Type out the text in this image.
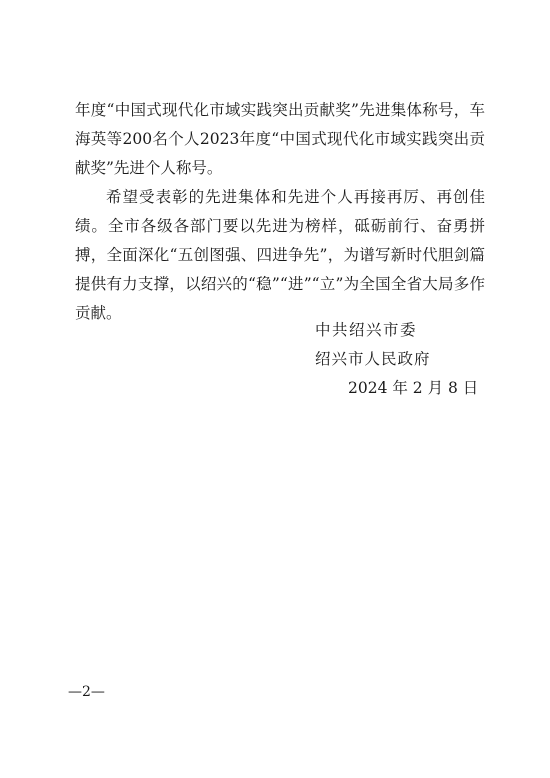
年度“中国式现代化市域实践突出贡献奖”先进集体称号，车海英等200名个人2023年度“中国式现代化市域实践突出贡献奖”先进个人称号。

希望受表彰的先进集体和先进个人再接再厉、再创佳绩。全市各级各部门要以先进为榜样，砥砺前行、奋勇拼搏，全面深化“五创图强、四进争先”，为谱写新时代胆剑篇提供有力支撑，以绍兴的“稳”“进”“立”为全国全省大局多作贡献。

中共绍兴市委
绍兴市人民政府
2024 年 2 月 8 日
—2—
